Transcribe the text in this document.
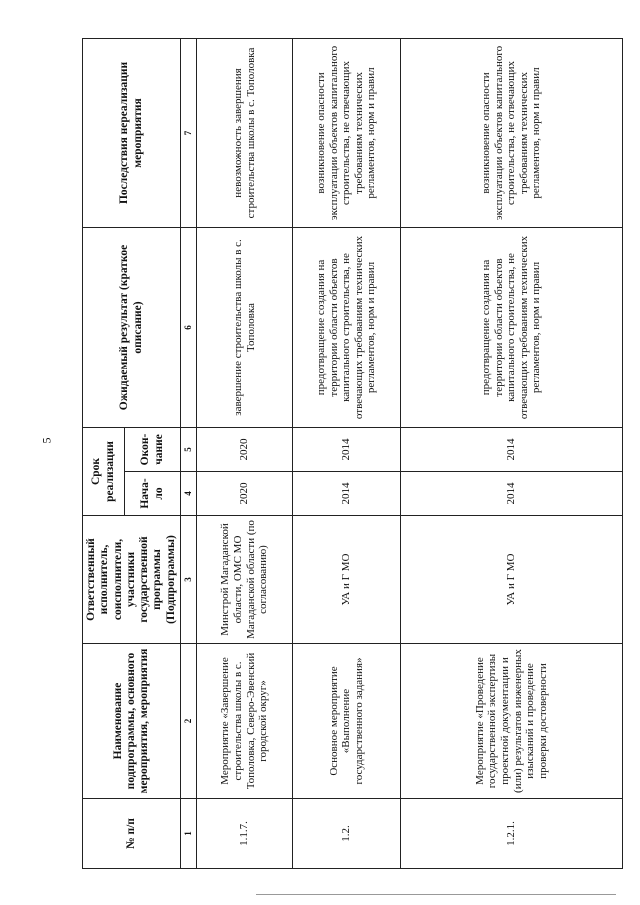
5
№ п/п	Наименование подпрограммы, основного мероприятия, мероприятия	Ответственный исполнитель, соисполнители, участники государственной программы (Подпрограммы)	Срок реализации		Ожидаемый результат (краткое описание)	Последствия нереализации мероприятия
			Нача-ло	Окон-чание		
1	2	3	4	5	6	7
1.1.7.	Мероприятие «Завершение строительства школы в с. Тополовка, Северо-Эвенский городской округ»	Минстрой Магаданской области, ОМС МО Магаданской области (по согласованию)	2020	2020	завершение строительства школы в с. Тополовка	невозможность завершения строительства школы в с. Тополовка
1.2.	Основное мероприятие «Выполнение государственного задания»	УА и Г МО	2014	2014	предотвращение создания на территории области объектов капитального строительства, не отвечающих требованиям технических регламентов, норм и правил	возникновение опасности эксплуатации объектов капитального строительства, не отвечающих требованиям технических регламентов, норм и правил
1.2.1.	Мероприятие «Проведение государственной экспертизы проектной документации и (или) результатов инженерных изысканий и проведение проверки достоверности	УА и Г МО	2014	2014	предотвращение создания на территории области объектов капитального строительства, не отвечающих требованиям технических регламентов, норм и правил	возникновение опасности эксплуатации объектов капитального строительства, не отвечающих требованиям технических регламентов, норм и правил
